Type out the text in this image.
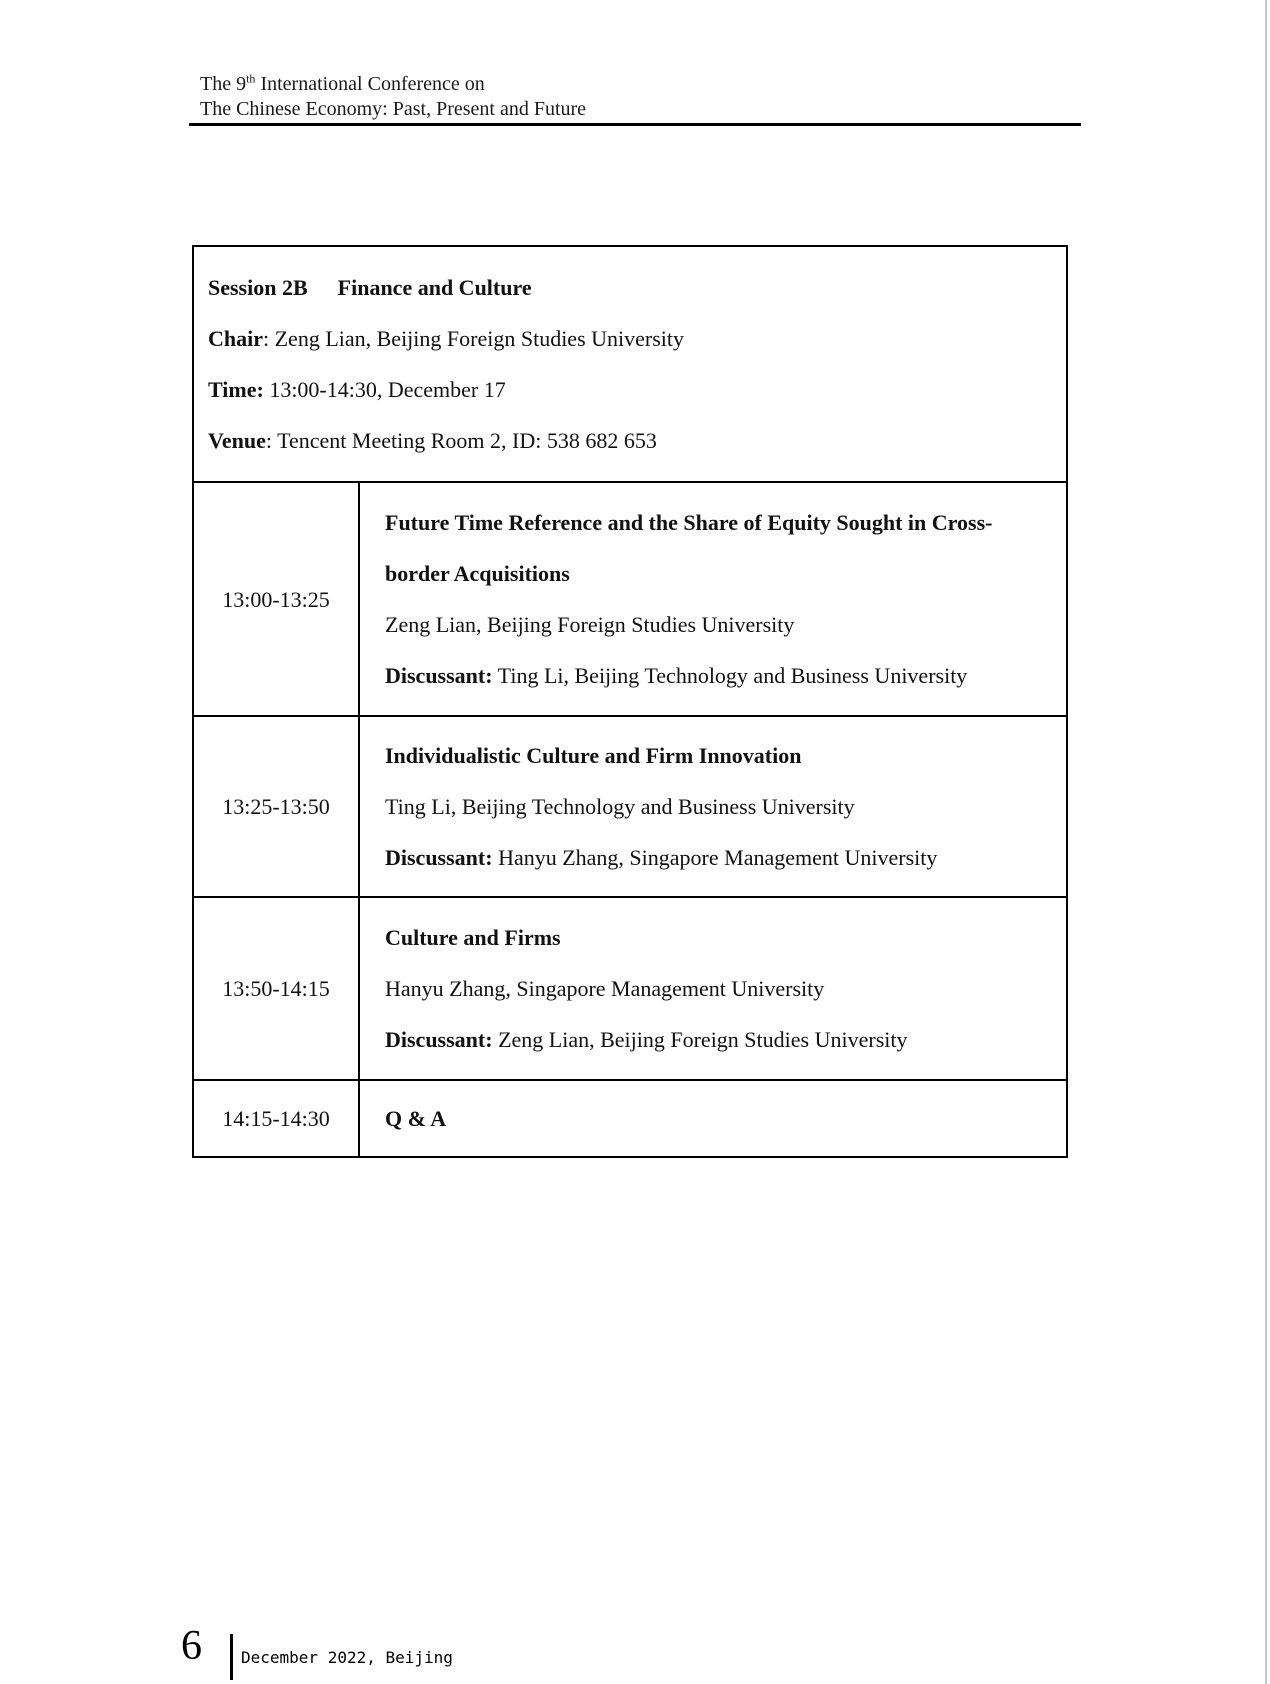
The 9th International Conference on
The Chinese Economy: Past, Present and Future
Session 2B Finance and Culture
Chair: Zeng Lian, Beijing Foreign Studies University
Time: 13:00-14:30, December 17
Venue: Tencent Meeting Room 2, ID: 538 682 653
13:00-13:25
Future Time Reference and the Share of Equity Sought in Cross-border Acquisitions
Zeng Lian, Beijing Foreign Studies University
Discussant: Ting Li, Beijing Technology and Business University
13:25-13:50
Individualistic Culture and Firm Innovation
Ting Li, Beijing Technology and Business University
Discussant: Hanyu Zhang, Singapore Management University
13:50-14:15
Culture and Firms
Hanyu Zhang, Singapore Management University
Discussant: Zeng Lian, Beijing Foreign Studies University
14:15-14:30	Q & A
6 December 2022, Beijing
